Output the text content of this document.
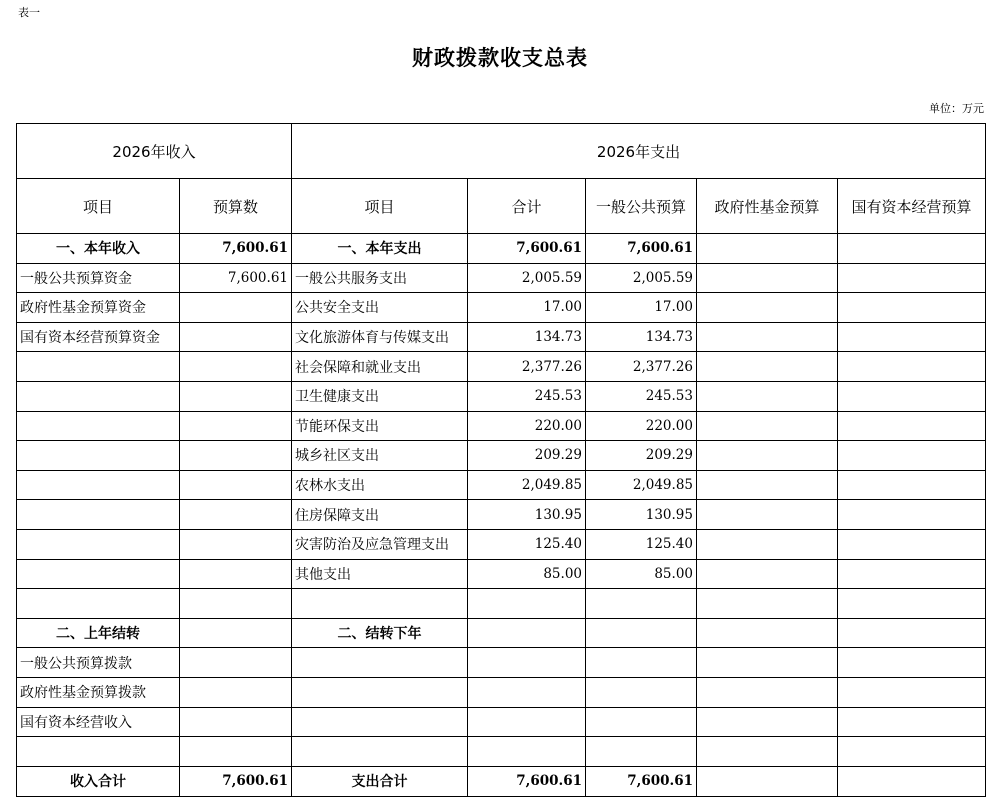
表一
财政拨款收支总表
单位：万元
2026年收入		2026年支出				
项目	预算数	项目	合计	一般公共预算	政府性基金预算	国有资本经营预算
一、本年收入	7,600.61	一、本年支出	7,600.61	7,600.61		
一般公共预算资金	7,600.61	一般公共服务支出	2,005.59	2,005.59		
政府性基金预算资金		公共安全支出	17.00	17.00		
国有资本经营预算资金		文化旅游体育与传媒支出	134.73	134.73		
		社会保障和就业支出	2,377.26	2,377.26		
		卫生健康支出	245.53	245.53		
		节能环保支出	220.00	220.00		
		城乡社区支出	209.29	209.29		
		农林水支出	2,049.85	2,049.85		
		住房保障支出	130.95	130.95		
		灾害防治及应急管理支出	125.40	125.40		
		其他支出	85.00	85.00		

二、上年结转		二、结转下年				
一般公共预算拨款						
政府性基金预算拨款						
国有资本经营收入						

收入合计	7,600.61	支出合计	7,600.61	7,600.61		
